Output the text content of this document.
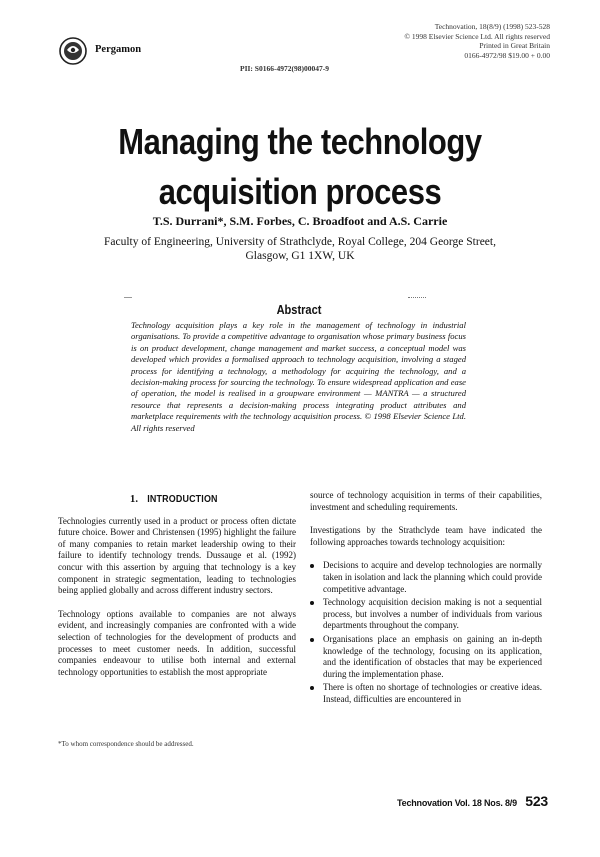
Pergamon
Technovation, 18(8/9) (1998) 523-528
© 1998 Elsevier Science Ltd. All rights reserved
Printed in Great Britain
0166-4972/98 $19.00 + 0.00
PII: S0166-4972(98)00047-9
Managing the technology
acquisition process
T.S. Durrani*, S.M. Forbes, C. Broadfoot and A.S. Carrie
Faculty of Engineering, University of Strathclyde, Royal College, 204 George Street, Glasgow, G1 1XW, UK
Abstract
Technology acquisition plays a key role in the management of technology in industrial organisations. To provide a competitive advantage to organisation whose primary business focus is on product development, change management and market success, a conceptual model was developed which provides a formalised approach to technology acquisition, involving a staged process for identifying a technology, a methodology for acquiring the technology, and a decision-making process for sourcing the technology. To ensure widespread application and ease of operation, the model is realised in a groupware environment — MANTRA — a structured resource that represents a decision-making process integrating product attributes and marketplace requirements with the technology acquisition process. © 1998 Elsevier Science Ltd. All rights reserved
1. INTRODUCTION

Technologies currently used in a product or process often dictate future choice. Bower and Christensen (1995) highlight the failure of many companies to retain market leadership owing to their failure to identify technology trends. Dussauge et al. (1992) concur with this assertion by arguing that technology is a key component in strategic segmentation, leading to technologies being applied globally and across different industry sectors.

Technology options available to companies are not always evident, and increasingly companies are confronted with a wide selection of technologies for the development of products and processes to meet customer needs. In addition, successful companies endeavour to utilise both internal and external technology opportunities to establish the most appropriate

*To whom correspondence should be addressed.

source of technology acquisition in terms of their capabilities, investment and scheduling requirements.

Investigations by the Strathclyde team have indicated the following approaches towards technology acquisition:

Decisions to acquire and develop technologies are normally taken in isolation and lack the planning which could provide competitive advantage.
Technology acquisition decision making is not a sequential process, but involves a number of individuals from various departments throughout the company.
Organisations place an emphasis on gaining an in-depth knowledge of the technology, focusing on its application, and the identification of obstacles that may be experienced during the implementation phase.
There is often no shortage of technologies or creative ideas. Instead, difficulties are encountered in
Technovation Vol. 18 Nos. 8/9 523
